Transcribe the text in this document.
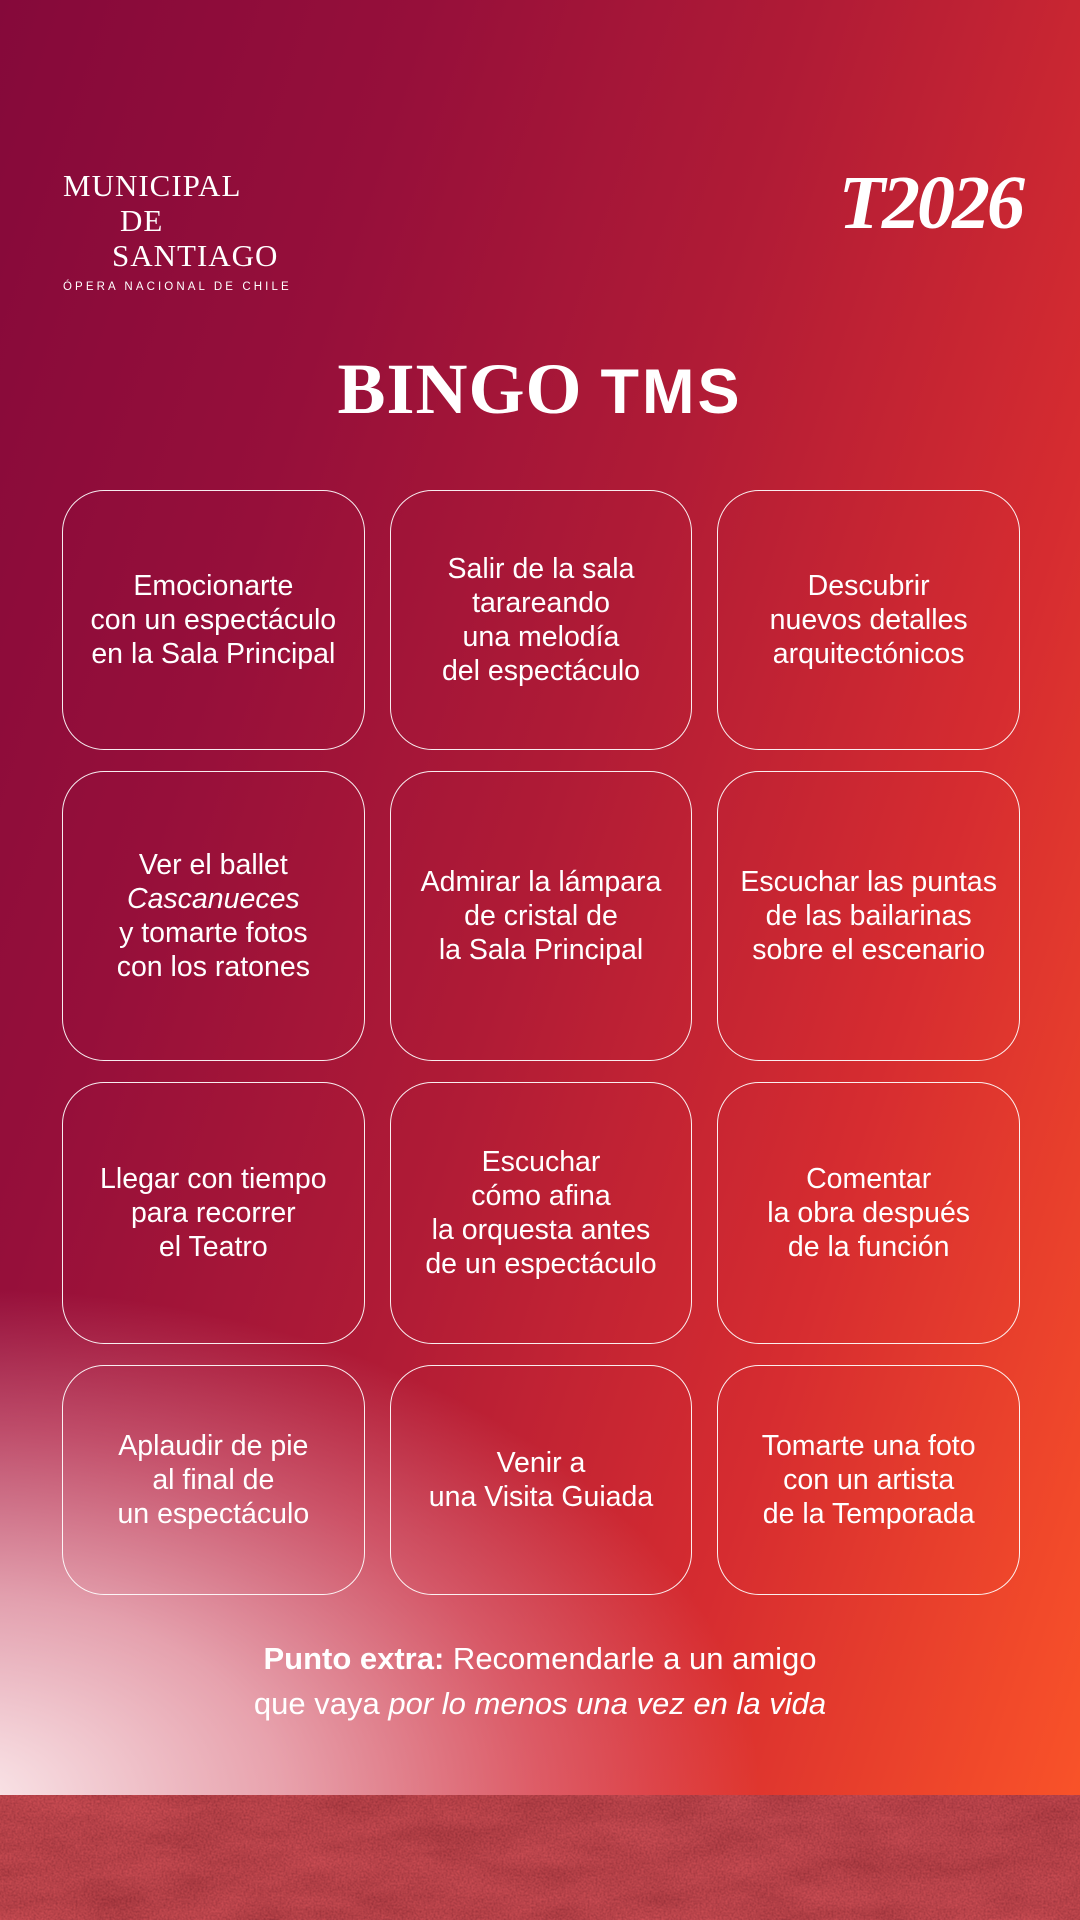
MUNICIPAL
DE
SANTIAGO
ÓPERA NACIONAL DE CHILE
T2026
BINGO TMS
Emocionarte
con un espectáculo
en la Sala Principal
Salir de la sala
tarareando
una melodía
del espectáculo
Descubrir
nuevos detalles
arquitectónicos
Ver el ballet
Cascanueces
y tomarte fotos
con los ratones
Admirar la lámpara
de cristal de
la Sala Principal
Escuchar las puntas
de las bailarinas
sobre el escenario
Llegar con tiempo
para recorrer
el Teatro
Escuchar
cómo afina
la orquesta antes
de un espectáculo
Comentar
la obra después
de la función
Aplaudir de pie
al final de
un espectáculo
Venir a
una Visita Guiada
Tomarte una foto
con un artista
de la Temporada
Punto extra: Recomendarle a un amigo
que vaya por lo menos una vez en la vida
